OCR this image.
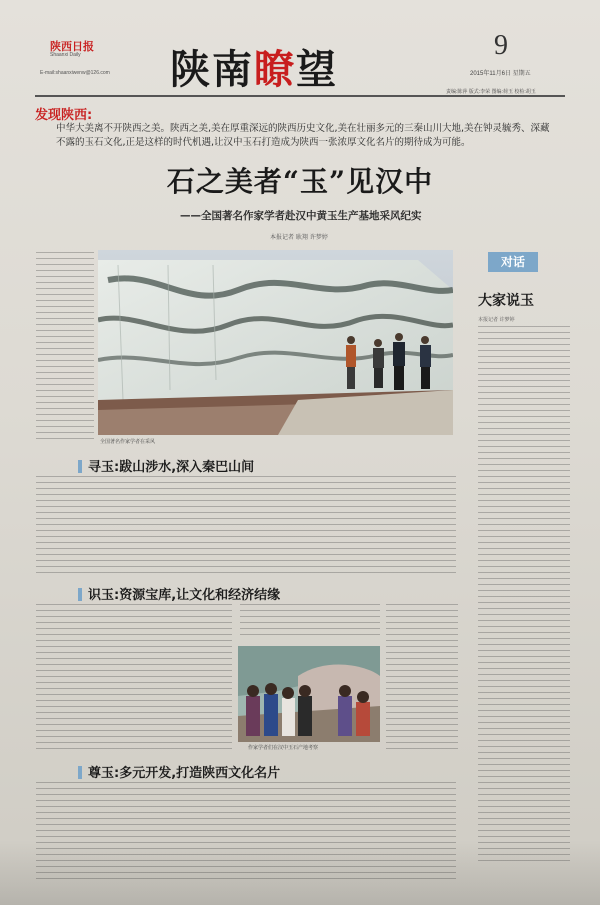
陕西日报
Shaanxi Daily
E-mail:shaanxiwenw@126.com 陕南瞭望
9
2015年11月6日 星期五
责编:陈萍 版式:李荣 图编:荷玉 校检:胡玉
发现陕西:
中华大美离不开陕西之美。陕西之美,美在厚重深远的陕西历史文化,美在壮丽多元的三秦山川大地,美在钟灵毓秀、深藏不露的玉石文化,正是这样的时代机遇,让汉中玉石打造成为陕西一张浓厚文化名片的期待成为可能。
石之美者“玉”见汉中
——全国著名作家学者赴汉中黄玉生产基地采风纪实
本报记者 耿翔 许梦婷
全国著名作家学者在采风
对话
大家说玉
本报记者 许梦婷
寻玉:跋山涉水,深入秦巴山间
识玉:资源宝库,让文化和经济结缘
作家学者们在汉中玉石产地考察
尊玉:多元开发,打造陕西文化名片
